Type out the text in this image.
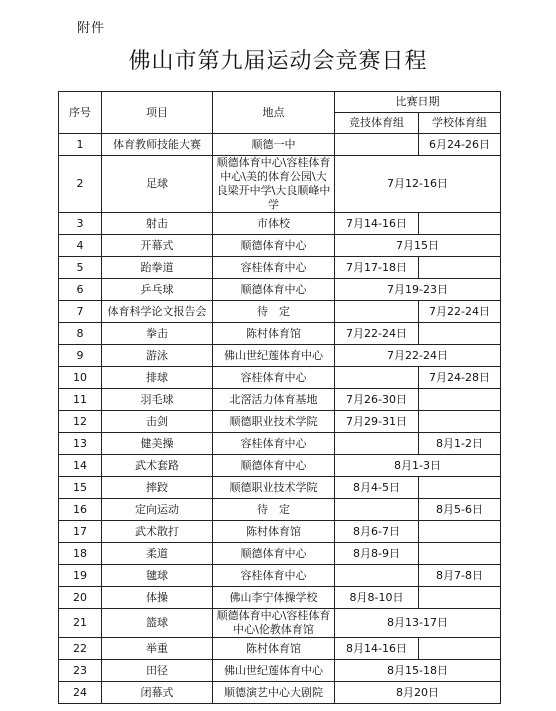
附件
佛山市第九届运动会竞赛日程
序号	项目	地点	比赛日期	
			竞技体育组	学校体育组
1	体育教师技能大赛	顺德一中		6月24-26日
2	足球	顺德体育中心\容桂体育中心\美的体育公园\大良梁开中学\大良顺峰中学	7月12-16日	
3	射击	市体校	7月14-16日	
4	开幕式	顺德体育中心	7月15日	
5	跆拳道	容桂体育中心	7月17-18日	
6	乒乓球	顺德体育中心	7月19-23日	
7	体育科学论文报告会	待　定		7月22-24日
8	拳击	陈村体育馆	7月22-24日	
9	游泳	佛山世纪莲体育中心	7月22-24日	
10	排球	容桂体育中心		7月24-28日
11	羽毛球	北滘活力体育基地	7月26-30日	
12	击剑	顺德职业技术学院	7月29-31日	
13	健美操	容桂体育中心		8月1-2日
14	武术套路	顺德体育中心	8月1-3日	
15	摔跤	顺德职业技术学院	8月4-5日	
16	定向运动	待　定		8月5-6日
17	武术散打	陈村体育馆	8月6-7日	
18	柔道	顺德体育中心	8月8-9日	
19	毽球	容桂体育中心		8月7-8日
20	体操	佛山李宁体操学校	8月8-10日	
21	篮球	顺德体育中心\容桂体育中心\伦教体育馆	8月13-17日	
22	举重	陈村体育馆	8月14-16日	
23	田径	佛山世纪莲体育中心	8月15-18日	
24	闭幕式	顺德演艺中心大剧院	8月20日	
